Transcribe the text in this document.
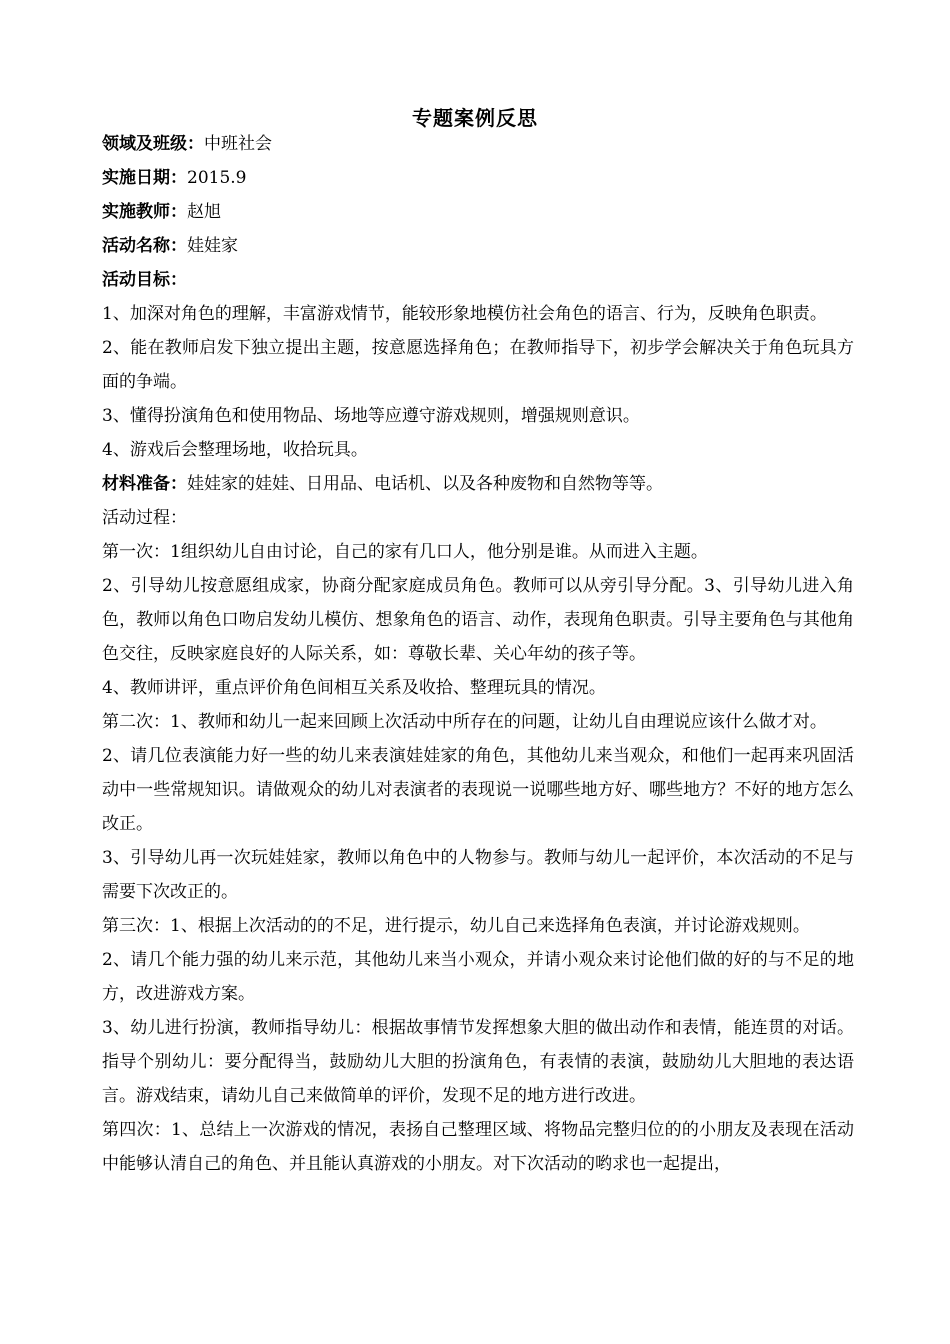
专题案例反思

领域及班级：中班社会

实施日期：2015.9

实施教师：赵旭

活动名称：娃娃家

活动目标：

1、加深对角色的理解，丰富游戏情节，能较形象地模仿社会角色的语言、行为，反映角色职责。

2、能在教师启发下独立提出主题，按意愿选择角色；在教师指导下，初步学会解决关于角色玩具方面的争端。

3、懂得扮演角色和使用物品、场地等应遵守游戏规则，增强规则意识。

4、游戏后会整理场地，收拾玩具。

材料准备：娃娃家的娃娃、日用品、电话机、以及各种废物和自然物等等。

活动过程：

第一次：1组织幼儿自由讨论，自己的家有几口人，他分别是谁。从而进入主题。

2、引导幼儿按意愿组成家，协商分配家庭成员角色。教师可以从旁引导分配。3、引导幼儿进入角色，教师以角色口吻启发幼儿模仿、想象角色的语言、动作，表现角色职责。引导主要角色与其他角色交往，反映家庭良好的人际关系，如：尊敬长辈、关心年幼的孩子等。

4、教师讲评，重点评价角色间相互关系及收拾、整理玩具的情况。

第二次：1、教师和幼儿一起来回顾上次活动中所存在的问题，让幼儿自由理说应该什么做才对。

2、请几位表演能力好一些的幼儿来表演娃娃家的角色，其他幼儿来当观众，和他们一起再来巩固活动中一些常规知识。请做观众的幼儿对表演者的表现说一说哪些地方好、哪些地方？不好的地方怎么改正。

3、引导幼儿再一次玩娃娃家，教师以角色中的人物参与。教师与幼儿一起评价，本次活动的不足与需要下次改正的。

第三次：1、根据上次活动的的不足，进行提示，幼儿自己来选择角色表演，并讨论游戏规则。

2、请几个能力强的幼儿来示范，其他幼儿来当小观众，并请小观众来讨论他们做的好的与不足的地方，改进游戏方案。

3、幼儿进行扮演，教师指导幼儿：根据故事情节发挥想象大胆的做出动作和表情，能连贯的对话。指导个别幼儿：要分配得当，鼓励幼儿大胆的扮演角色，有表情的表演，鼓励幼儿大胆地的表达语言。游戏结束，请幼儿自己来做简单的评价，发现不足的地方进行改进。

第四次：1、总结上一次游戏的情况，表扬自己整理区域、将物品完整归位的的小朋友及表现在活动中能够认清自己的角色、并且能认真游戏的小朋友。对下次活动的哟求也一起提出，
